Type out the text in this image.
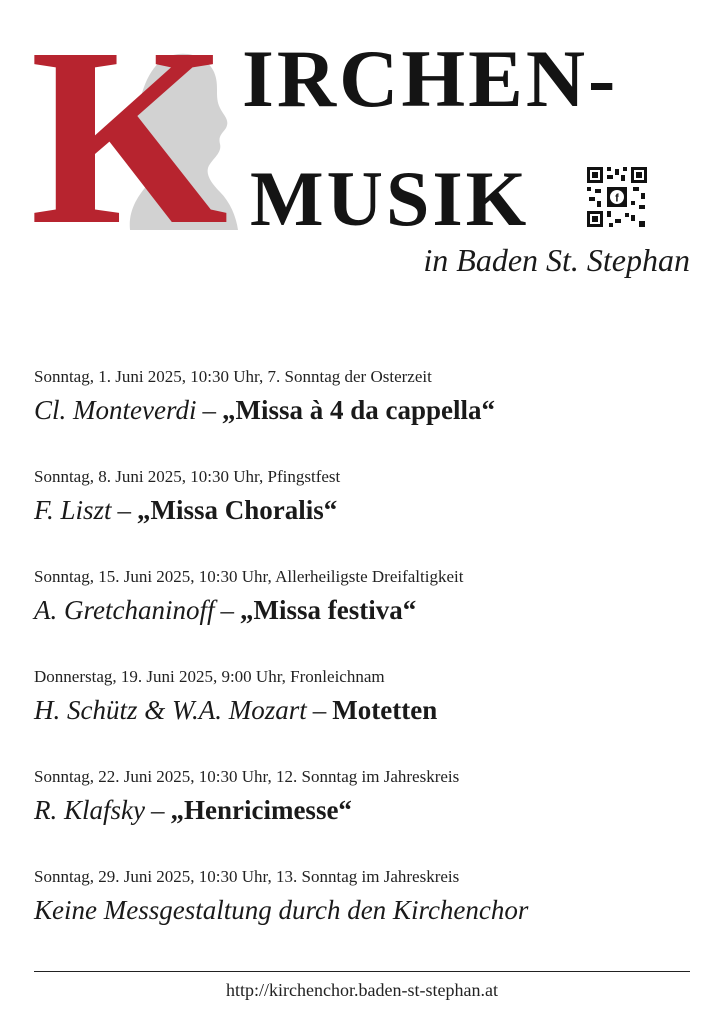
K IRCHEN-
MUSIK	f
in Baden St. Stephan
Sonntag, 1. Juni 2025, 10:30 Uhr, 7. Sonntag der Osterzeit
Cl. Monteverdi – „Missa à 4 da cappella“
Sonntag, 8. Juni 2025, 10:30 Uhr, Pfingstfest
F. Liszt – „Missa Choralis“
Sonntag, 15. Juni 2025, 10:30 Uhr, Allerheiligste Dreifaltigkeit
A. Gretchaninoff – „Missa festiva“
Donnerstag, 19. Juni 2025, 9:00 Uhr, Fronleichnam
H. Schütz & W.A. Mozart – Motetten
Sonntag, 22. Juni 2025, 10:30 Uhr, 12. Sonntag im Jahreskreis
R. Klafsky – „Henricimesse“
Sonntag, 29. Juni 2025, 10:30 Uhr, 13. Sonntag im Jahreskreis
Keine Messgestaltung durch den Kirchenchor
http://kirchenchor.baden-st-stephan.at
